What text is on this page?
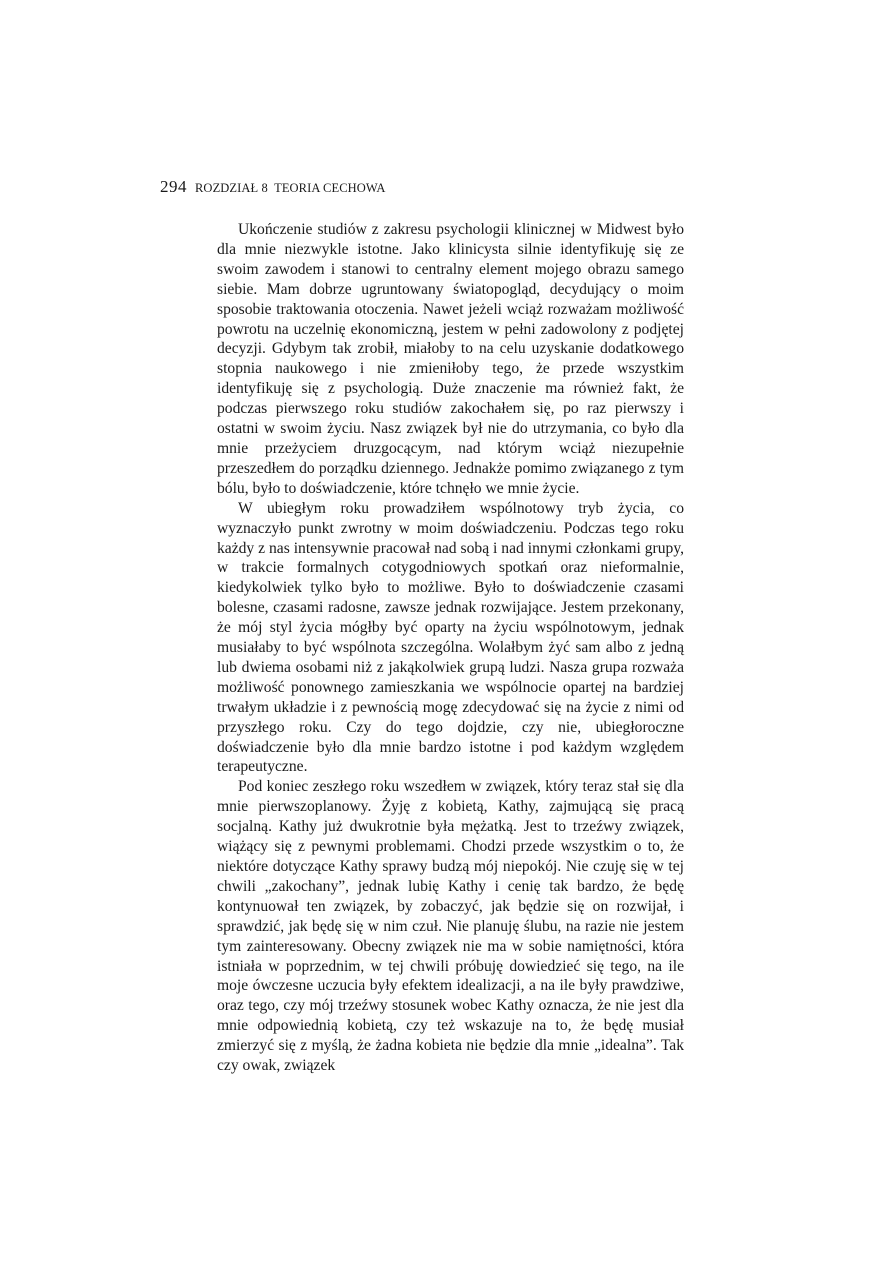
294 ROZDZIAŁ 8  TEORIA CECHOWA

Ukończenie studiów z zakresu psychologii klinicznej w Midwest było dla mnie niezwykle istotne. Jako klinicysta silnie identyfikuję się ze swoim zawodem i stanowi to centralny element mojego obrazu samego siebie. Mam dobrze ugruntowany światopogląd, decydujący o moim sposobie traktowania otoczenia. Nawet jeżeli wciąż rozważam możliwość powrotu na uczelnię ekonomiczną, jestem w pełni zadowolony z podjętej decyzji. Gdybym tak zrobił, miałoby to na celu uzyskanie dodatkowego stopnia naukowego i nie zmieniłoby tego, że przede wszystkim identyfikuję się z psychologią. Duże znaczenie ma również fakt, że podczas pierwszego roku studiów zakochałem się, po raz pierwszy i ostatni w swoim życiu. Nasz związek był nie do utrzymania, co było dla mnie przeżyciem druzgocącym, nad którym wciąż niezupełnie przeszedłem do porządku dziennego. Jednakże pomimo związanego z tym bólu, było to doświadczenie, które tchnęło we mnie życie.

W ubiegłym roku prowadziłem wspólnotowy tryb życia, co wyznaczyło punkt zwrotny w moim doświadczeniu. Podczas tego roku każdy z nas intensywnie pracował nad sobą i nad innymi członkami grupy, w trakcie formalnych cotygodniowych spotkań oraz nieformalnie, kiedykolwiek tylko było to możliwe. Było to doświadczenie czasami bolesne, czasami radosne, zawsze jednak rozwijające. Jestem przekonany, że mój styl życia mógłby być oparty na życiu wspólnotowym, jednak musiałaby to być wspólnota szczególna. Wolałbym żyć sam albo z jedną lub dwiema osobami niż z jakąkolwiek grupą ludzi. Nasza grupa rozważa możliwość ponownego zamieszkania we wspólnocie opartej na bardziej trwałym układzie i z pewnością mogę zdecydować się na życie z nimi od przyszłego roku. Czy do tego dojdzie, czy nie, ubiegłoroczne doświadczenie było dla mnie bardzo istotne i pod każdym względem terapeutyczne.

Pod koniec zeszłego roku wszedłem w związek, który teraz stał się dla mnie pierwszoplanowy. Żyję z kobietą, Kathy, zajmującą się pracą socjalną. Kathy już dwukrotnie była mężatką. Jest to trzeźwy związek, wiążący się z pewnymi problemami. Chodzi przede wszystkim o to, że niektóre dotyczące Kathy sprawy budzą mój niepokój. Nie czuję się w tej chwili „zakochany”, jednak lubię Kathy i cenię tak bardzo, że będę kontynuował ten związek, by zobaczyć, jak będzie się on rozwijał, i sprawdzić, jak będę się w nim czuł. Nie planuję ślubu, na razie nie jestem tym zainteresowany. Obecny związek nie ma w sobie namiętności, która istniała w poprzednim, w tej chwili próbuję dowiedzieć się tego, na ile moje ówczesne uczucia były efektem idealizacji, a na ile były prawdziwe, oraz tego, czy mój trzeźwy stosunek wobec Kathy oznacza, że nie jest dla mnie odpowiednią kobietą, czy też wskazuje na to, że będę musiał zmierzyć się z myślą, że żadna kobieta nie będzie dla mnie „idealna”. Tak czy owak, związek
